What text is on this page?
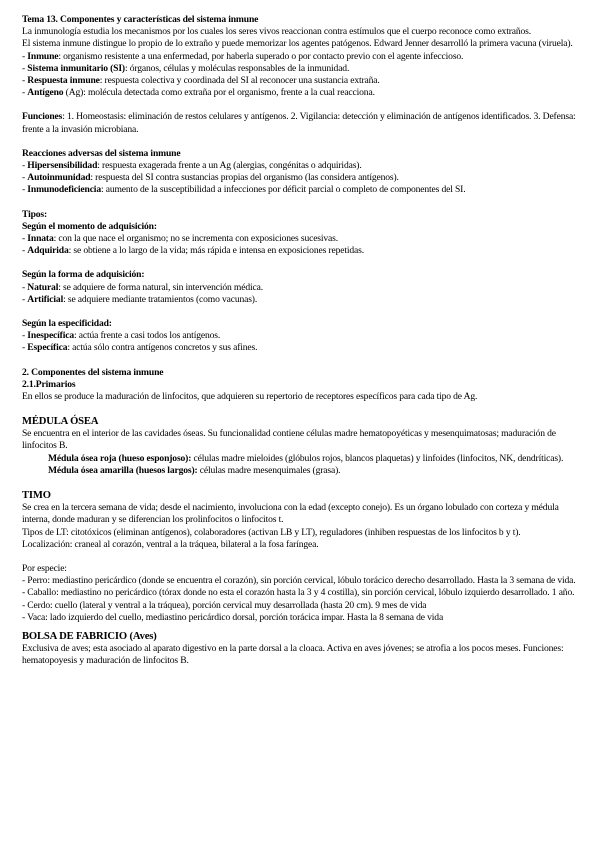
Tema 13. Componentes y características del sistema inmune

La inmunología estudia los mecanismos por los cuales los seres vivos reaccionan contra estímulos que el cuerpo reconoce como extraños.

El sistema inmune distingue lo propio de lo extraño y puede memorizar los agentes patógenos. Edward Jenner desarrolló la primera vacuna (viruela).

- Inmune: organismo resistente a una enfermedad, por haberla superado o por contacto previo con el agente infeccioso.

- Sistema inmunitario (SI): órganos, células y moléculas responsables de la inmunidad.

- Respuesta inmune: respuesta colectiva y coordinada del SI al reconocer una sustancia extraña.

- Antígeno (Ag): molécula detectada como extraña por el organismo, frente a la cual reacciona.

Funciones: 1. Homeostasis: eliminación de restos celulares y antígenos. 2. Vigilancia: detección y eliminación de antígenos identificados. 3. Defensa: frente a la invasión microbiana.

Reacciones adversas del sistema inmune

- Hipersensibilidad: respuesta exagerada frente a un Ag (alergias, congénitas o adquiridas).

- Autoinmunidad: respuesta del SI contra sustancias propias del organismo (las considera antígenos).

- Inmunodeficiencia: aumento de la susceptibilidad a infecciones por déficit parcial o completo de componentes del SI.

Tipos:

Según el momento de adquisición:

- Innata: con la que nace el organismo; no se incrementa con exposiciones sucesivas.

- Adquirida: se obtiene a lo largo de la vida; más rápida e intensa en exposiciones repetidas.

Según la forma de adquisición:

- Natural: se adquiere de forma natural, sin intervención médica.

- Artificial: se adquiere mediante tratamientos (como vacunas).

Según la especificidad:

- Inespecífica: actúa frente a casi todos los antígenos.

- Específica: actúa sólo contra antígenos concretos y sus afines.

2. Componentes del sistema inmune

2.1.Primarios

En ellos se produce la maduración de linfocitos, que adquieren su repertorio de receptores específicos para cada tipo de Ag.

MÉDULA ÓSEA

Se encuentra en el interior de las cavidades óseas. Su funcionalidad contiene células madre hematopoyéticas y mesenquimatosas; maduración de linfocitos B.

Médula ósea roja (hueso esponjoso): células madre mieloides (glóbulos rojos, blancos plaquetas) y linfoides (linfocitos, NK, dendríticas).

Médula ósea amarilla (huesos largos): células madre mesenquimales (grasa).

TIMO

Se crea en la tercera semana de vida; desde el nacimiento, involuciona con la edad (excepto conejo). Es un órgano lobulado con corteza y médula interna, donde maduran y se diferencian los prolinfocitos o linfocitos t.

Tipos de LT: citotóxicos (eliminan antígenos), colaboradores (activan LB y LT), reguladores (inhiben respuestas de los linfocitos b y t).

Localización: craneal al corazón, ventral a la tráquea, bilateral a la fosa faríngea.

Por especie:

- Perro: mediastino pericárdico (donde se encuentra el corazón), sin porción cervical, lóbulo torácico derecho desarrollado. Hasta la 3 semana de vida.

- Caballo: mediastino no pericárdico (tórax donde no esta el corazón hasta la 3 y 4 costilla), sin porción cervical, lóbulo izquierdo desarrollado. 1 año.

- Cerdo: cuello (lateral y ventral a la tráquea), porción cervical muy desarrollada (hasta 20 cm). 9 mes de vida

- Vaca: lado izquierdo del cuello, mediastino pericárdico dorsal, porción torácica impar. Hasta la 8 semana de vida

BOLSA DE FABRICIO (Aves)

Exclusiva de aves; esta asociado al aparato digestivo en la parte dorsal a la cloaca. Activa en aves jóvenes; se atrofia a los pocos meses. Funciones: hematopoyesis y maduración de linfocitos B.
